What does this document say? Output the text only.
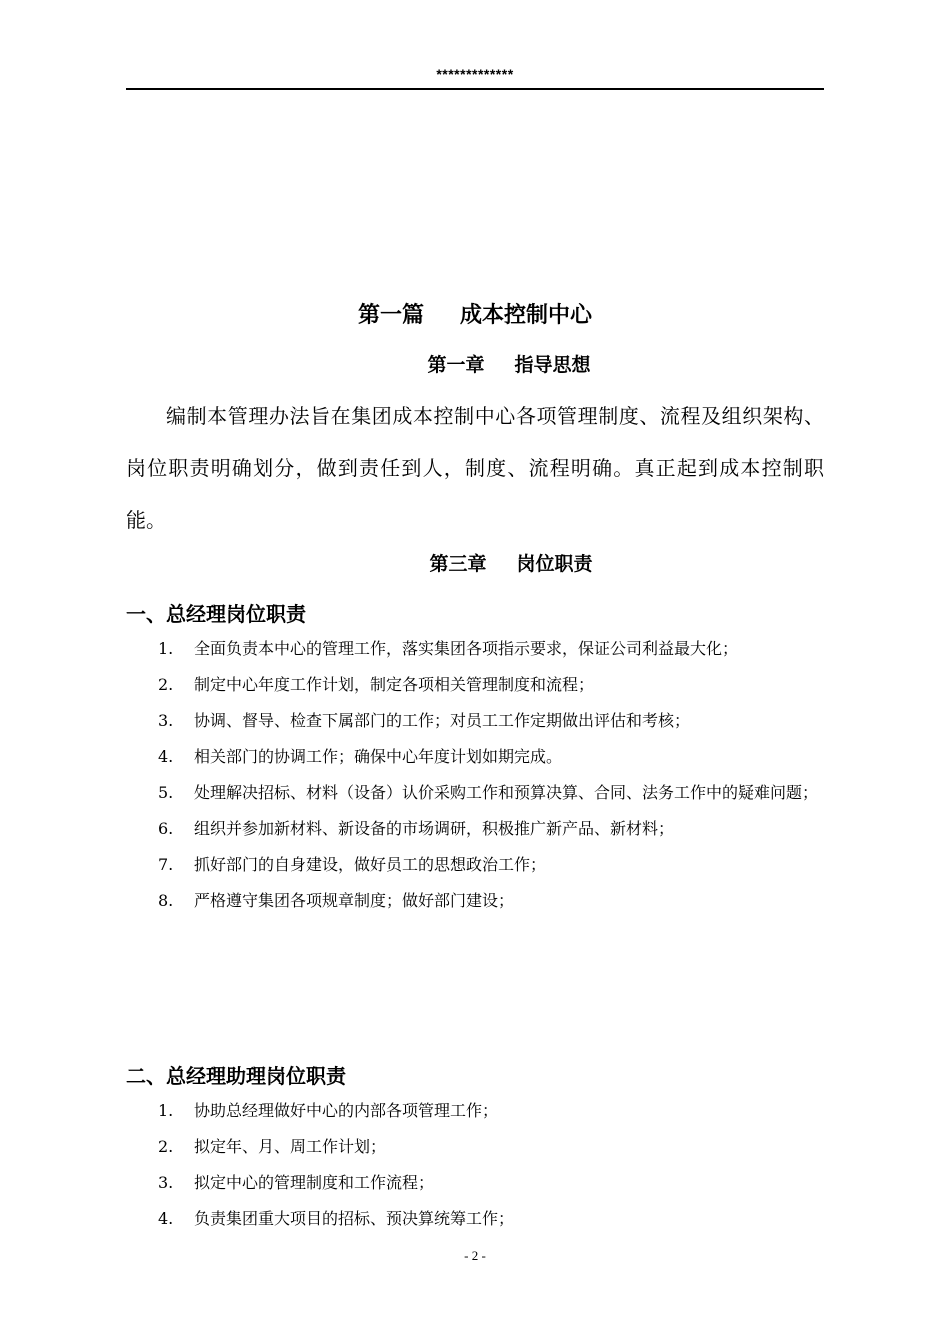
*************
第一篇 成本控制中心
第一章 指导思想

编制本管理办法旨在集团成本控制中心各项管理制度、流程及组织架构、岗位职责明确划分，做到责任到人，制度、流程明确。真正起到成本控制职能。

第三章 岗位职责
一、总经理岗位职责
1. 全面负责本中心的管理工作，落实集团各项指示要求，保证公司利益最大化；
2. 制定中心年度工作计划，制定各项相关管理制度和流程；
3. 协调、督导、检查下属部门的工作；对员工工作定期做出评估和考核；
4. 相关部门的协调工作；确保中心年度计划如期完成。
5. 处理解决招标、材料（设备）认价采购工作和预算决算、合同、法务工作中的疑难问题；
6. 组织并参加新材料、新设备的市场调研，积极推广新产品、新材料；
7. 抓好部门的自身建设，做好员工的思想政治工作；
8. 严格遵守集团各项规章制度；做好部门建设；
二、总经理助理岗位职责
1. 协助总经理做好中心的内部各项管理工作；
2. 拟定年、月、周工作计划；
3. 拟定中心的管理制度和工作流程；
4. 负责集团重大项目的招标、预决算统筹工作；
- 2 -
